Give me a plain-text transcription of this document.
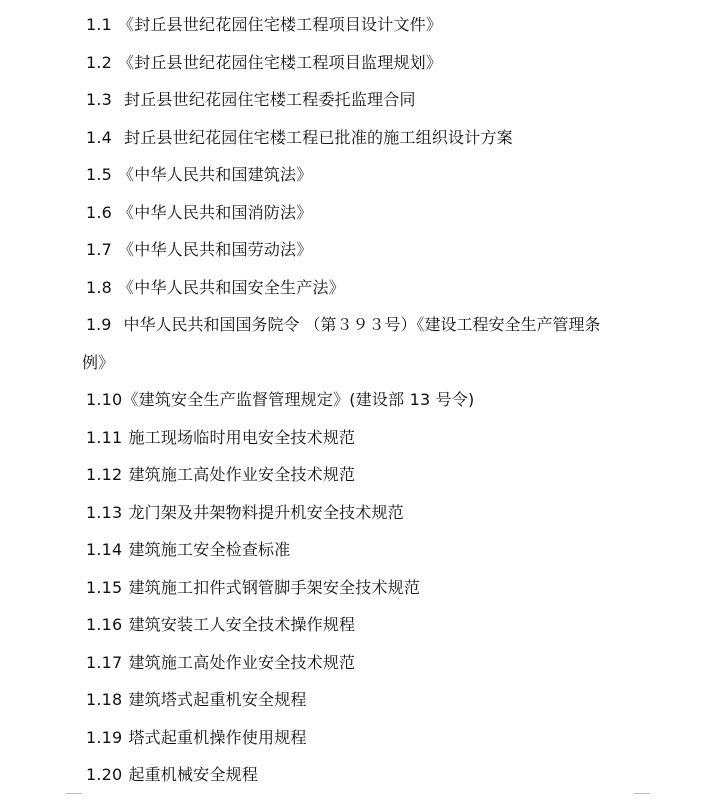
1.1 《封丘县世纪花园住宅楼工程项目设计文件》
1.2 《封丘县世纪花园住宅楼工程项目监理规划》
1.3 封丘县世纪花园住宅楼工程委托监理合同
1.4 封丘县世纪花园住宅楼工程已批准的施工组织设计方案
1.5 《中华人民共和国建筑法》
1.6 《中华人民共和国消防法》
1.7 《中华人民共和国劳动法》
1.8 《中华人民共和国安全生产法》
1.9 中华人民共和国国务院令 （第３９３号）《建设工程安全生产管理条
例》
1.10《建筑安全生产监督管理规定》(建设部 13 号令)
1.11 施工现场临时用电安全技术规范
1.12 建筑施工高处作业安全技术规范
1.13 龙门架及井架物料提升机安全技术规范
1.14 建筑施工安全检查标准
1.15 建筑施工扣件式钢管脚手架安全技术规范
1.16 建筑安装工人安全技术操作规程
1.17 建筑施工高处作业安全技术规范
1.18 建筑塔式起重机安全规程
1.19 塔式起重机操作使用规程
1.20 起重机械安全规程
